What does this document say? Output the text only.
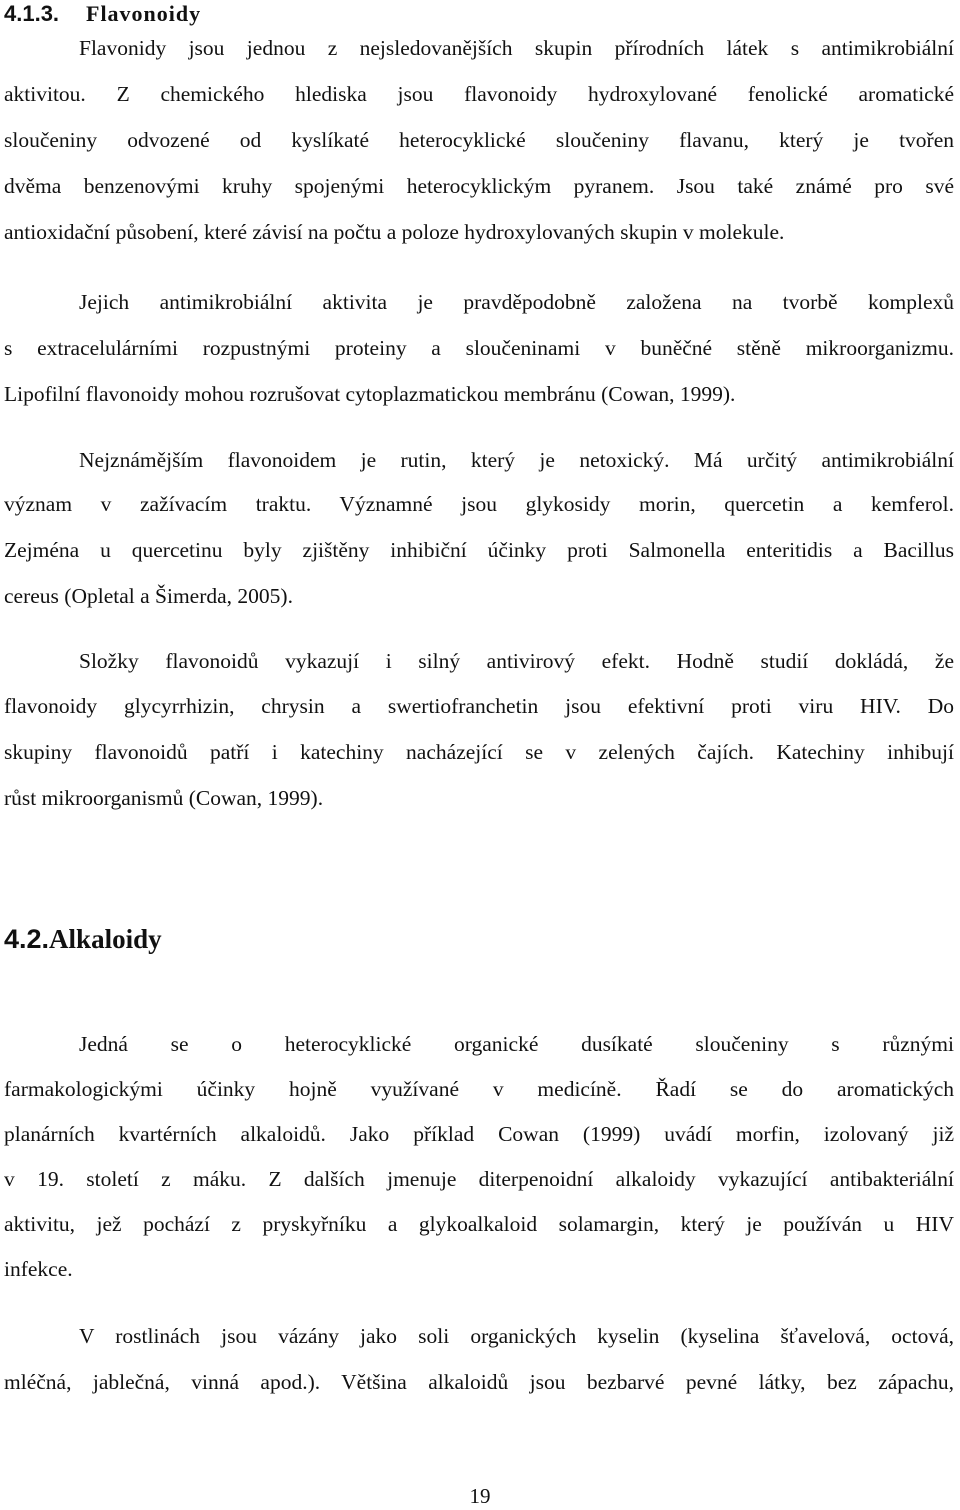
4.1.3. Flavonoidy
Flavonidy jsou jednou z nejsledovanějších skupin přírodních látek s antimikrobiální
aktivitou. Z chemického hlediska jsou flavonoidy hydroxylované fenolické aromatické
sloučeniny odvozené od kyslíkaté heterocyklické sloučeniny flavanu, který je tvořen
dvěma benzenovými kruhy spojenými heterocyklickým pyranem. Jsou také známé pro své
antioxidační působení, které závisí na počtu a poloze hydroxylovaných skupin v molekule.
Jejich antimikrobiální aktivita je pravděpodobně založena na tvorbě komplexů
s extracelulárními rozpustnými proteiny a sloučeninami v buněčné stěně mikroorganizmu.
Lipofilní flavonoidy mohou rozrušovat cytoplazmatickou membránu (Cowan, 1999).
Nejznámějším flavonoidem je rutin, který je netoxický. Má určitý antimikrobiální
význam v zažívacím traktu. Významné jsou glykosidy morin, quercetin a kemferol.
Zejména u quercetinu byly zjištěny inhibiční účinky proti Salmonella enteritidis a Bacillus
cereus (Opletal a Šimerda, 2005).
Složky flavonoidů vykazují i silný antivirový efekt. Hodně studií dokládá, že
flavonoidy glycyrrhizin, chrysin a swertiofranchetin jsou efektivní proti viru HIV. Do
skupiny flavonoidů patří i katechiny nacházející se v zelených čajích. Katechiny inhibují
růst mikroorganismů (Cowan, 1999).
4.2.Alkaloidy
Jedná se o heterocyklické organické dusíkaté sloučeniny s různými
farmakologickými účinky hojně využívané v medicíně. Řadí se do aromatických
planárních kvartérních alkaloidů. Jako příklad Cowan (1999) uvádí morfin, izolovaný již
v 19. století z máku. Z dalších jmenuje diterpenoidní alkaloidy vykazující antibakteriální
aktivitu, jež pochází z pryskyřníku a glykoalkaloid solamargin, který je používán u HIV
infekce.
V rostlinách jsou vázány jako soli organických kyselin (kyselina šťavelová, octová,
mléčná, jablečná, vinná apod.). Většina alkaloidů jsou bezbarvé pevné látky, bez zápachu,
19
